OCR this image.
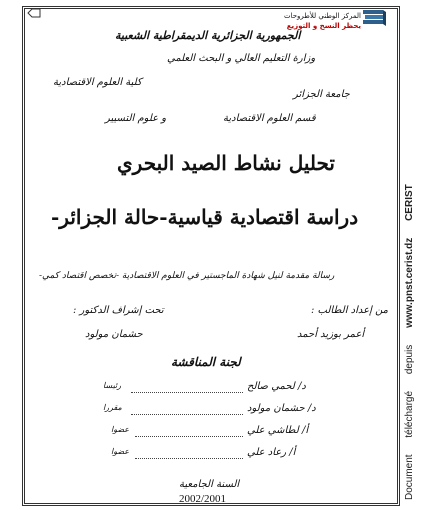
الجمهورية الجزائرية الديمقراطية الشعبية
وزارة التعليم العالي و البحث العلمي
كلية العلوم الاقتصادية
جامعة الجزائر
و علوم التسيير	قسم العلوم الاقتصادية
تحليل نشاط الصيد البحري
دراسة اقتصادية قياسية-حالة الجزائر-
رسالة مقدمة لنيل شهادة الماجستير في العلوم الاقتصادية -تخصص اقتصاد كمي-
من إعداد الطالب :
تحت إشراف الدكتور :
أعمر بوزيد أحمد
حشمان مولود
لجنة المناقشة
د/ لحمي صالح
رئيسا
د/ حشمان مولود
مقررا
أ/ لطاشي علي
عضوا
أ/ رعاد علي
عضوا
السنة الجامعية
2002/2001
المركز الوطني للأطروحات
يحظر النسخ و التوزيع
Document téléchargé depuis www.pnst.cerist.dz CERIST
